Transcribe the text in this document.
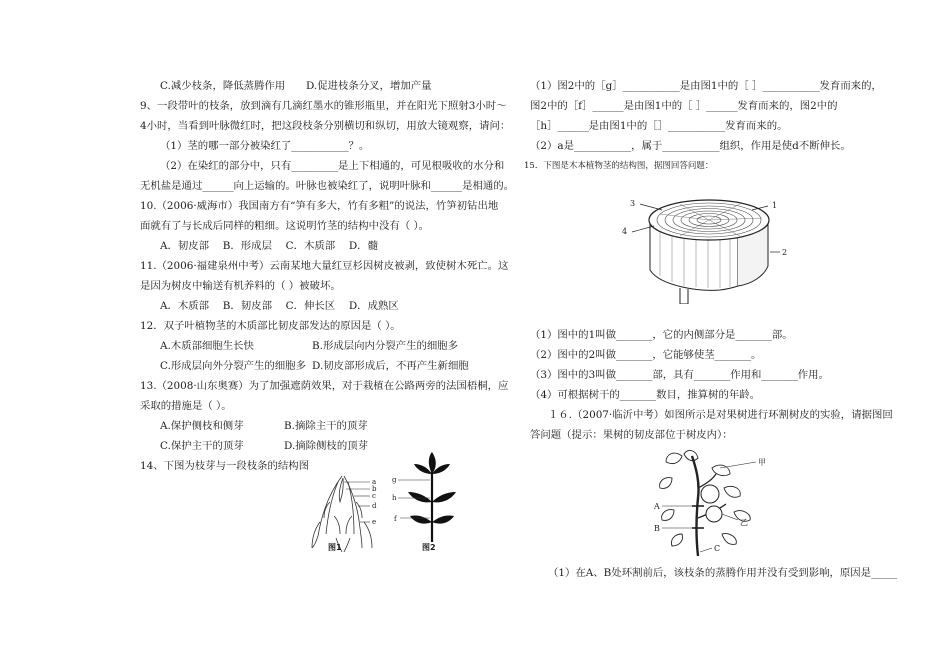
C.减少枝条，降低蒸腾作用　　D.促进枝条分叉，增加产量
9、一段带叶的枝条，放到滴有几滴红墨水的锥形瓶里，并在阳光下照射3小时～
4小时，当看到叶脉微红时，把这段枝条分别横切和纵切，用放大镜观察，请问：
（1）茎的哪一部分被染红了___________？。
（2）在染红的部分中，只有_________是上下相通的，可见根吸收的水分和
无机盐是通过______向上运输的。叶脉也被染红了，说明叶脉和______是相通的。
10.（2006·威海市）我国南方有“笋有多大，竹有多粗”的说法，竹笋初钻出地
面就有了与长成后同样的粗细。这说明竹茎的结构中没有（ ）。
A．韧皮部　 B．形成层　 C．木质部　 D．髓
11.（2006·福建泉州中考）云南某地大量红豆杉因树皮被剥，致使树木死亡。这
是因为树皮中输送有机养料的（ ）被破坏。
A．木质部　 B．韧皮部　 C．伸长区　 D．成熟区
12．双子叶植物茎的木质部比韧皮部发达的原因是（ ）。
A.木质部细胞生长快	B.形成层向内分裂产生的细胞多
C.形成层向外分裂产生的细胞多 D.韧皮部形成后，不再产生新细胞
13.（2008·山东奥赛）为了加强遮荫效果，对于栽植在公路两旁的法国梧桐，应
采取的措施是（ ）。
A.保护侧枝和侧芽	B.摘除主干的顶芽
C.保护主干的顶芽	D.摘除侧枝的顶芽
14、下图为枝芽与一段枝条的结构图
a
b
c
d
e
图1
g
h
f
图2
（1）图2中的［g］___________是由图1中的［ ］___________发育而来的，
图2中的［f］______是由图1中的［ ］______发育而来的，图2中的
［h］______是由图1中的［］___________发育而来的。
（2）a是___________，属于___________组织，作用是使d不断伸长。
15．下图是木本植物茎的结构图，据图回答问题：
3	1
4
2
（1）图中的1叫做_______，它的内侧部分是_______部。
（2）图中的2叫做_______，它能够使茎_______。
（3）图中的3叫做_______部，具有_______作用和_______作用。
（4）可根据树干的_______数目，推算树的年龄。
１６.（2007·临沂中考）如图所示是对果树进行环割树皮的实验，请据图回
答问题（提示：果树的韧皮部位于树皮内）：
甲
A
乙
B
C
（1）在A、B处环割前后，该枝条的蒸腾作用并没有受到影响，原因是_____
